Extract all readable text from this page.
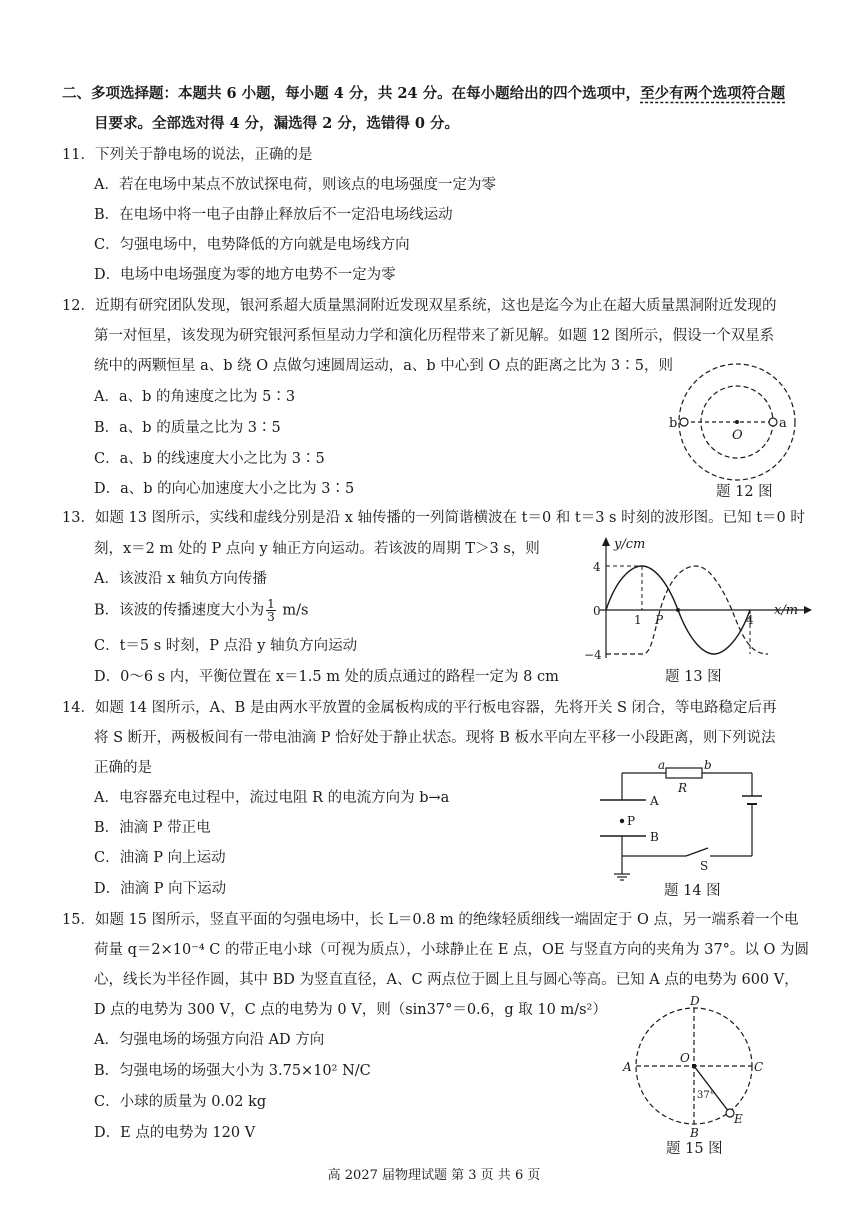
二、多项选择题：本题共 6 小题，每小题 4 分，共 24 分。在每小题给出的四个选项中，至少有两个选项符合题
目要求。全部选对得 4 分，漏选得 2 分，选错得 0 分。
11．下列关于静电场的说法，正确的是
A．若在电场中某点不放试探电荷，则该点的电场强度一定为零
B．在电场中将一电子由静止释放后不一定沿电场线运动
C．匀强电场中，电势降低的方向就是电场线方向
D．电场中电场强度为零的地方电势不一定为零
12．近期有研究团队发现，银河系超大质量黑洞附近发现双星系统，这也是迄今为止在超大质量黑洞附近发现的
第一对恒星，该发现为研究银河系恒星动力学和演化历程带来了新见解。如题 12 图所示，假设一个双星系
统中的两颗恒星 a、b 绕 O 点做匀速圆周运动，a、b 中心到 O 点的距离之比为 3∶5，则
A．a、b 的角速度之比为 5∶3
B．a、b 的质量之比为 3∶5
C．a、b 的线速度大小之比为 3∶5
D．a、b 的向心加速度大小之比为 3∶5
b	a
O
题 12 图
13．如题 13 图所示，实线和虚线分别是沿 x 轴传播的一列简谐横波在 t＝0 和 t＝3 s 时刻的波形图。已知 t＝0 时
刻，x＝2 m 处的 P 点向 y 轴正方向运动。若该波的周期 T＞3 s，则
A．该波沿 x 轴负方向传播
B．该波的传播速度大小为 $\frac{1}{3} m/s$
C．t＝5 s 时刻，P 点沿 y 轴负方向运动
D．0～6 s 内，平衡位置在 x＝1.5 m 处的质点通过的路程一定为 8 cm
y/cm
x/m
4
0
−4
1	4
P
题 13 图
14．如题 14 图所示，A、B 是由两水平放置的金属板构成的平行板电容器，先将开关 S 闭合，等电路稳定后再
将 S 断开，两极板间有一带电油滴 P 恰好处于静止状态。现将 B 板水平向左平移一小段距离，则下列说法
正确的是
A．电容器充电过程中，流过电阻 R 的电流方向为 b→a
B．油滴 P 带正电
C．油滴 P 向上运动
D．油滴 P 向下运动
a	b
R
A
B
P
S
题 14 图
15．如题 15 图所示，竖直平面的匀强电场中，长 L＝0.8 m 的绝缘轻质细线一端固定于 O 点，另一端系着一个电
荷量 q＝2×10⁻⁴ C 的带正电小球（可视为质点），小球静止在 E 点，OE 与竖直方向的夹角为 37°。以 O 为圆
心，线长为半径作圆，其中 BD 为竖直直径，A、C 两点位于圆上且与圆心等高。已知 A 点的电势为 600 V，
D 点的电势为 300 V，C 点的电势为 0 V，则（sin37°＝0.6，g 取 10 m/s²）
A．匀强电场的场强方向沿 AD 方向
B．匀强电场的场强大小为 3.75×10² N/C
C．小球的质量为 0.02 kg
D．E 点的电势为 120 V
D
A	C
O
B
E
37°
题 15 图
高 2027 届物理试题 第 3 页 共 6 页
